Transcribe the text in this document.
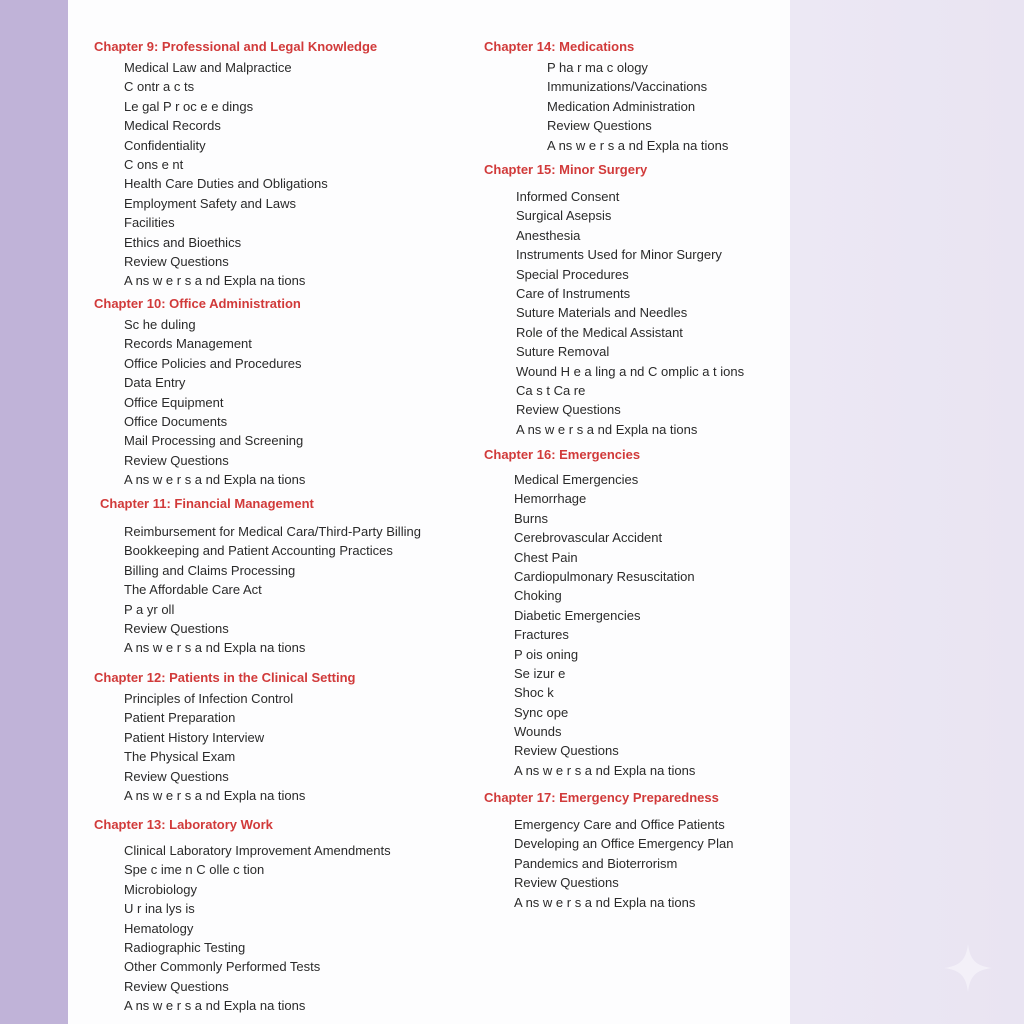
Chapter 9: Professional and Legal Knowledge
Medical Law and Malpractice
C ontr a c ts
Le gal P r oc e e dings
Medical Records
Confidentiality
C ons e nt
Health Care Duties and Obligations
Employment Safety and Laws
Facilities
Ethics and Bioethics
Review Questions
A ns w e r s a nd Expla na tions
Chapter 10: Office Administration
Sc he duling
Records Management
Office Policies and Procedures
Data Entry
Office Equipment
Office Documents
Mail Processing and Screening
Review Questions
A ns w e r s a nd Expla na tions
Chapter 11: Financial Management
Reimbursement for Medical Cara/Third-Party Billing
Bookkeeping and Patient Accounting Practices
Billing and Claims Processing
The Affordable Care Act
P a yr oll
Review Questions
A ns w e r s a nd Expla na tions
Chapter 12: Patients in the Clinical Setting
Principles of Infection Control
Patient Preparation
Patient History Interview
The Physical Exam
Review Questions
A ns w e r s a nd Expla na tions
Chapter 13: Laboratory Work
Clinical Laboratory Improvement Amendments
Spe c ime n C olle c tion
Microbiology
U r ina lys is
Hematology
Radiographic Testing
Other Commonly Performed Tests
Review Questions
A ns w e r s a nd Expla na tions
Chapter 14: Medications
P ha r ma c ology
Immunizations/Vaccinations
Medication Administration
Review Questions
A ns w e r s a nd Expla na tions
Chapter 15: Minor Surgery
Informed Consent
Surgical Asepsis
Anesthesia
Instruments Used for Minor Surgery
Special Procedures
Care of Instruments
Suture Materials and Needles
Role of the Medical Assistant
Suture Removal
Wound H e a ling a nd C omplic a t ions
Ca s t Ca re
Review Questions
A ns w e r s a nd Expla na tions
Chapter 16: Emergencies
Medical Emergencies
Hemorrhage
Burns
Cerebrovascular Accident
Chest Pain
Cardiopulmonary Resuscitation
Choking
Diabetic Emergencies
Fractures
P ois oning
Se izur e
Shoc k
Sync ope
Wounds
Review Questions
A ns w e r s a nd Expla na tions
Chapter 17: Emergency Preparedness
Emergency Care and Office Patients
Developing an Office Emergency Plan
Pandemics and Bioterrorism
Review Questions
A ns w e r s a nd Expla na tions
